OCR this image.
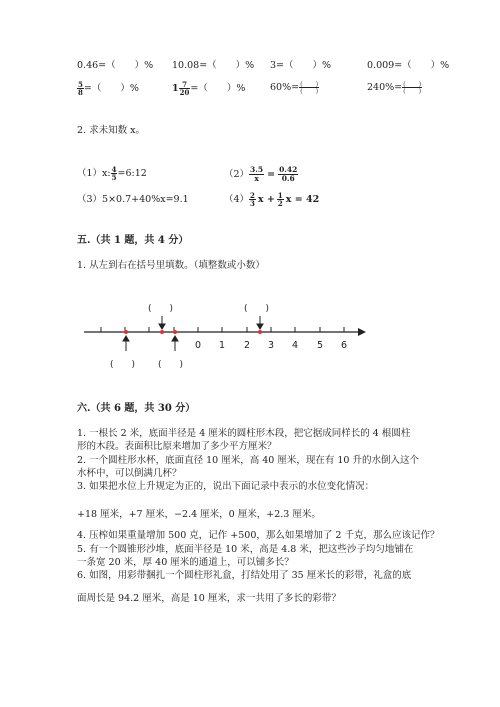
0.46=（　　）% 10.08=（　　）% 3=（　　）%	0.009=（　　）%
$\frac{5}{8}$ =（　　）%	$1 \frac{7}{20}$ =（　　）%	$60\%= \frac{( )}{( )}$	$240\%= \frac{( )}{( )}$
2. 求未知数 x。
（1）x: $\frac{4}{5}$ =6:12	$(2) \frac{3.5}{x} = \frac{0.42}{0.6}$
（3）5×0.7+40%x=9.1	$(4) \frac{2}{3}$ $x + \frac{1}{2}$ x = 42
五.（共 1 题，共 4 分）
1. 从左到右在括号里填数。（填整数或小数）
(　　)	(　　)
(　　)	(　　)
0 1 2 3 4 5 6
六.（共 6 题，共 30 分）
1. 一根长 2 米，底面半径是 4 厘米的圆柱形木段，把它据成同样长的 4 根圆柱
形的木段。表面积比原来增加了多少平方厘米？
2. 一个圆柱形水杯，底面直径 10 厘米，高 40 厘米，现在有 10 升的水倒入这个
水杯中，可以倒满几杯？
3. 如果把水位上升规定为正的，说出下面记录中表示的水位变化情况：
+18 厘米，+7 厘米，−2.4 厘米，0 厘米，+2.3 厘米。
4. 压榨如果重量增加 500 克，记作 +500，那么如果增加了 2 千克，那么应该记作？
5. 有一个圆锥形沙堆，底面半径是 10 米，高是 4.8 米，把这些沙子均匀地铺在
一条宽 20 米，厚 40 厘米的通道上，可以铺多长？
6. 如图，用彩带捆扎一个圆柱形礼盒，打结处用了 35 厘米长的彩带，礼盒的底
面周长是 94.2 厘米，高是 10 厘米，求一共用了多长的彩带？
